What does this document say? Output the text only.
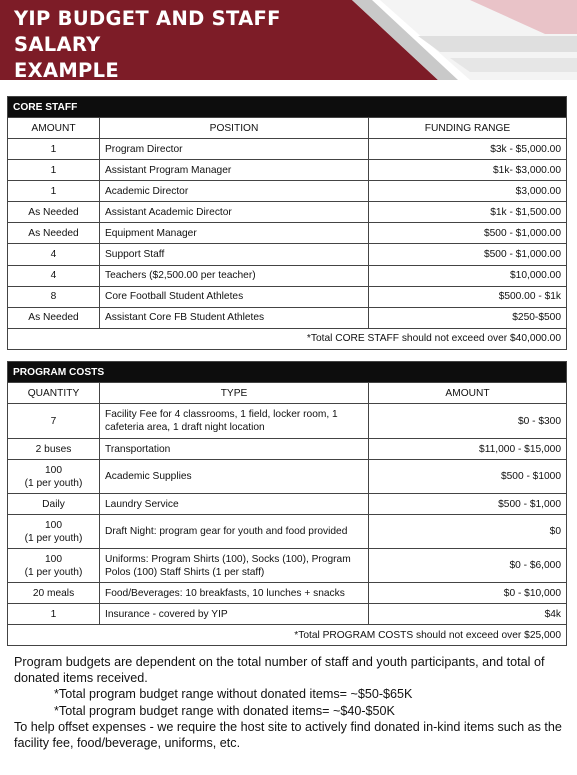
YIP BUDGET AND STAFF SALARY
EXAMPLE
CORE STAFF		
AMOUNT	POSITION	FUNDING RANGE
1	Program Director	$3k - $5,000.00
1	Assistant Program Manager	$1k- $3,000.00
1	Academic Director	$3,000.00
As Needed	Assistant Academic Director	$1k - $1,500.00
As Needed	Equipment Manager	$500 - $1,000.00
4	Support Staff	$500 - $1,000.00
4	Teachers ($2,500.00 per teacher)	$10,000.00
8	Core Football Student Athletes	$500.00 - $1k
As Needed	Assistant Core FB Student Athletes	$250-$500
*Total CORE STAFF should not exceed over $40,000.00		
PROGRAM COSTS		
QUANTITY	TYPE	AMOUNT
7	Facility Fee for 4 classrooms, 1 field, locker room, 1 cafeteria area, 1 draft night location	$0 - $300
2 buses	Transportation	$11,000 - $15,000
100
(1 per youth)	Academic Supplies	$500 - $1000
Daily	Laundry Service	$500 - $1,000
100
(1 per youth)	Draft Night: program gear for youth and food provided	$0
100
(1 per youth)	Uniforms: Program Shirts (100), Socks (100), Program Polos (100) Staff Shirts (1 per staff)	$0 - $6,000
20 meals	Food/Beverages: 10 breakfasts, 10 lunches + snacks	$0 - $10,000
1	Insurance - covered by YIP	$4k
*Total PROGRAM COSTS should not exceed over $25,000		

Program budgets are dependent on the total number of staff and youth participants, and total of donated items received.

*Total program budget range without donated items= ~$50-$65K

*Total program budget range with donated items= ~$40-$50K

To help offset expenses - we require the host site to actively find donated in-kind items such as the facility fee, food/beverage, uniforms, etc.
